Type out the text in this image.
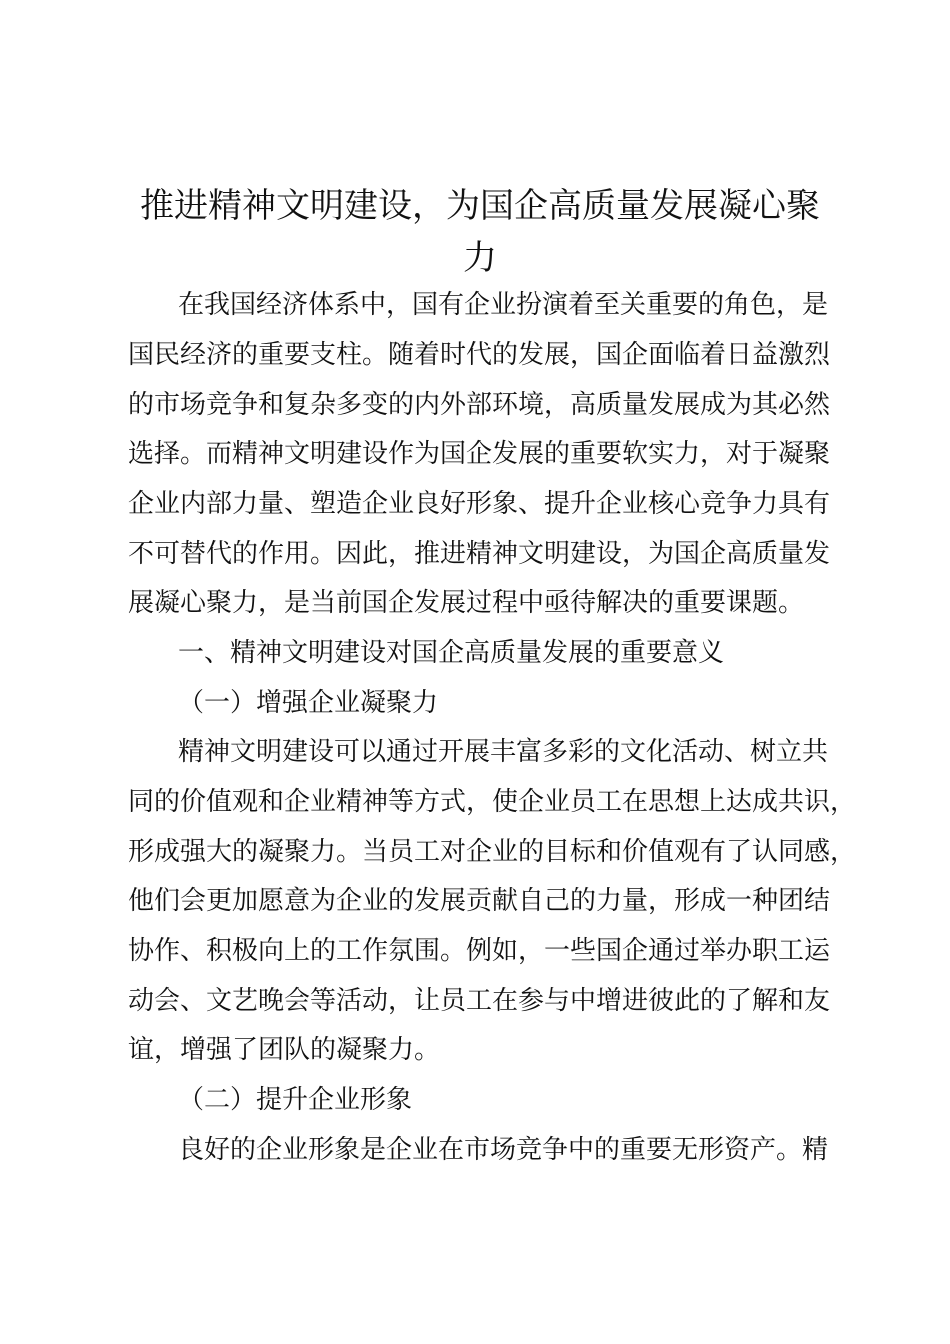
推进精神文明建设，为国企高质量发展凝心聚
力

在我国经济体系中，国有企业扮演着至关重要的角色，是

国民经济的重要支柱。随着时代的发展，国企面临着日益激烈

的市场竞争和复杂多变的内外部环境，高质量发展成为其必然

选择。而精神文明建设作为国企发展的重要软实力，对于凝聚

企业内部力量、塑造企业良好形象、提升企业核心竞争力具有

不可替代的作用。因此，推进精神文明建设，为国企高质量发

展凝心聚力，是当前国企发展过程中亟待解决的重要课题。

一、精神文明建设对国企高质量发展的重要意义

（一）增强企业凝聚力

精神文明建设可以通过开展丰富多彩的文化活动、树立共

同的价值观和企业精神等方式，使企业员工在思想上达成共识，

形成强大的凝聚力。当员工对企业的目标和价值观有了认同感，

他们会更加愿意为企业的发展贡献自己的力量，形成一种团结

协作、积极向上的工作氛围。例如，一些国企通过举办职工运

动会、文艺晚会等活动，让员工在参与中增进彼此的了解和友

谊，增强了团队的凝聚力。

（二）提升企业形象

良好的企业形象是企业在市场竞争中的重要无形资产。精
